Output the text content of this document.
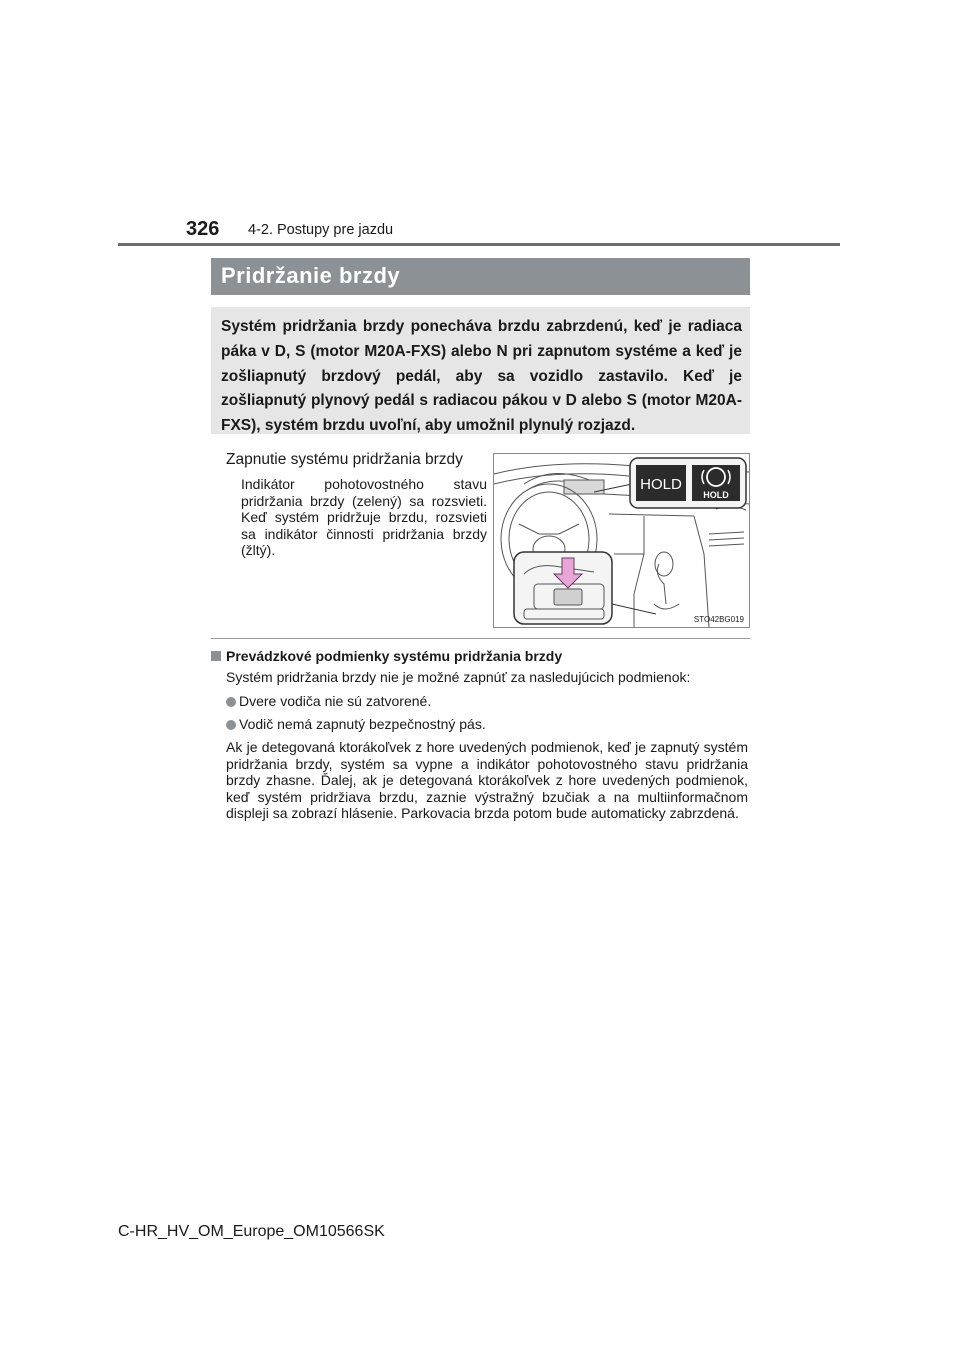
326 4-2. Postupy pre jazdu
Pridržanie brzdy
Systém pridržania brzdy ponecháva brzdu zabrzdenú, keď je radiaca páka v D, S (motor M20A-FXS) alebo N pri zapnutom systéme a keď je zošliapnutý brzdový pedál, aby sa vozidlo zastavilo. Keď je zošliapnutý plynový pedál s radiacou pákou v D alebo S (motor M20A-FXS), systém brzdu uvoľní, aby umožnil plynulý rozjazd.
Zapnutie systému pridržania brzdy
Indikátor pohotovostného stavu pridržania brzdy (zelený) sa rozsvieti. Keď systém pridržuje brzdu, rozsvieti sa indikátor činnosti pridržania brzdy (žltý).
HOLD
HOLD
STO42BG019
Prevádzkové podmienky systému pridržania brzdy
Systém pridržania brzdy nie je možné zapnúť za nasledujúcich podmienok:
Dvere vodiča nie sú zatvorené.
Vodič nemá zapnutý bezpečnostný pás.
Ak je detegovaná ktorákoľvek z hore uvedených podmienok, keď je zapnutý systém pridržania brzdy, systém sa vypne a indikátor pohotovostného stavu pridržania brzdy zhasne. Ďalej, ak je detegovaná ktorákoľvek z hore uvedených podmienok, keď systém pridržiava brzdu, zaznie výstražný bzučiak a na multiinformačnom displeji sa zobrazí hlásenie. Parkovacia brzda potom bude automaticky zabrzdená.
C-HR_HV_OM_Europe_OM10566SK
